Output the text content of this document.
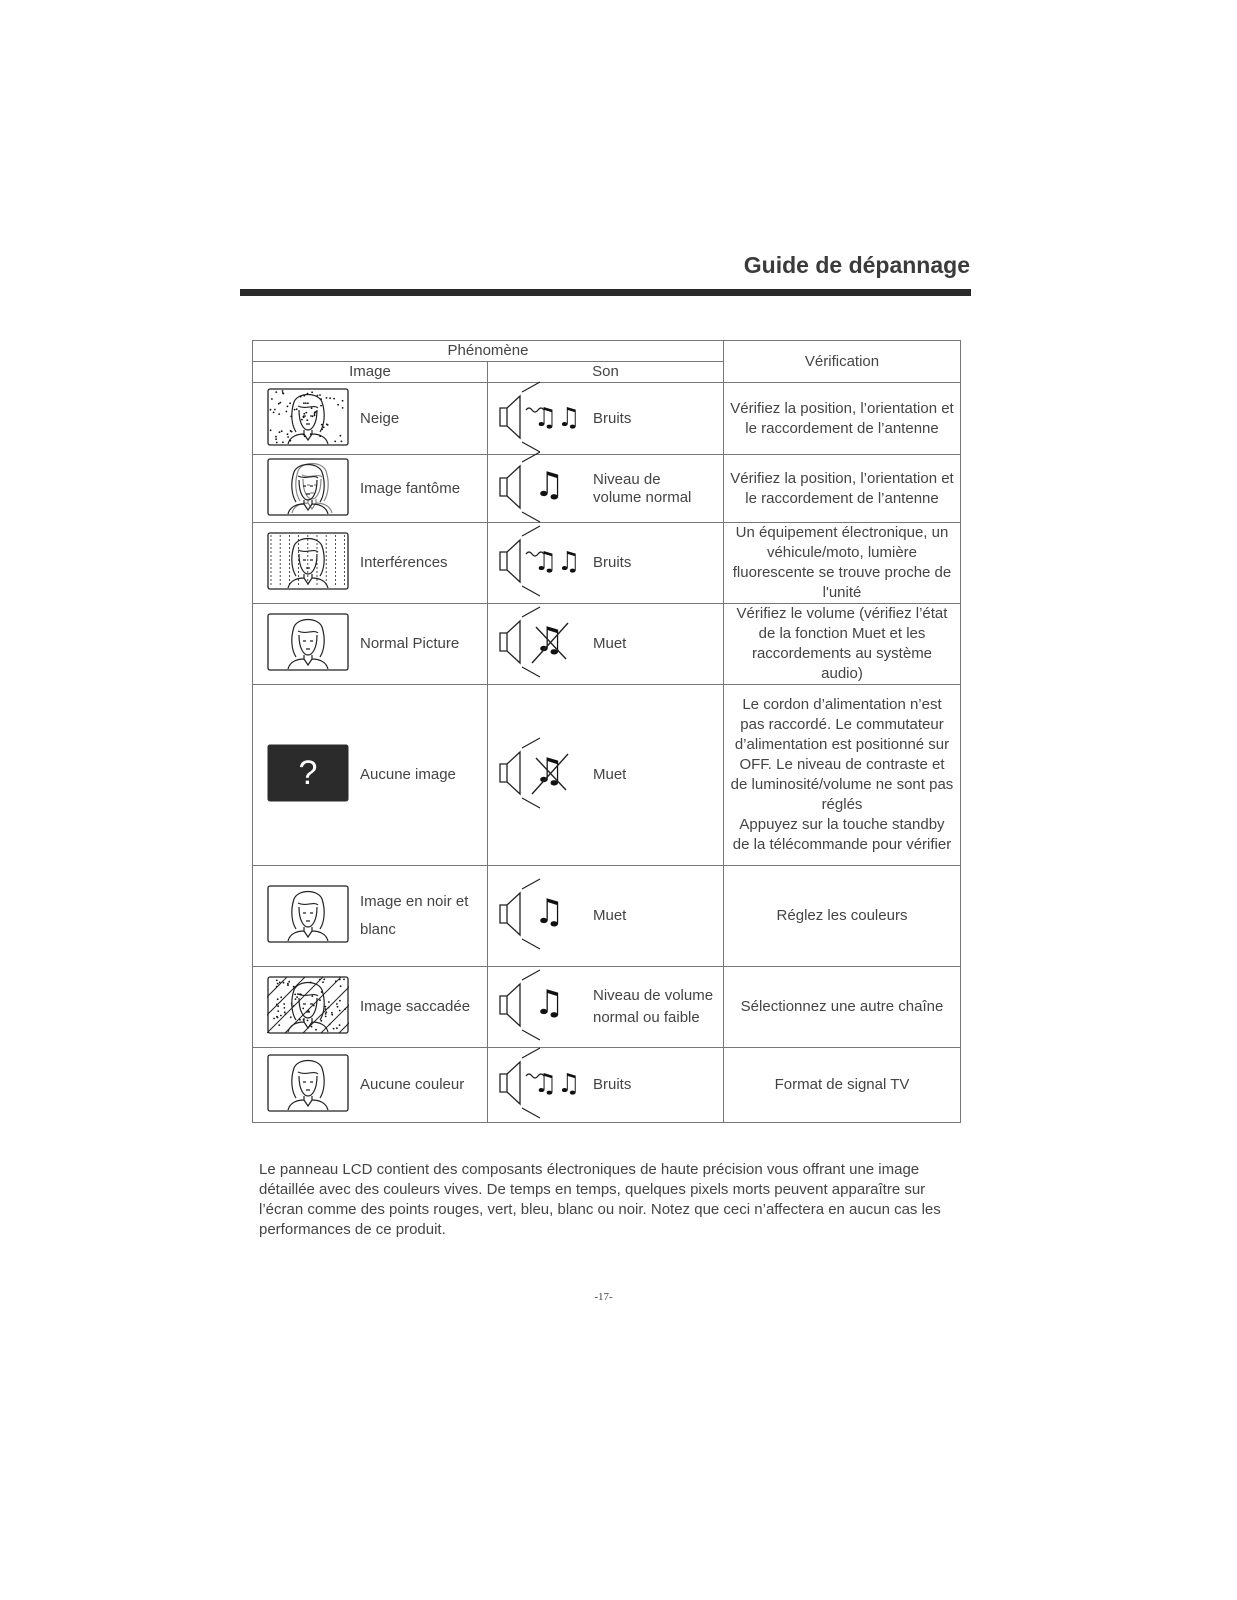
Guide de dépannage
Phénomène		Vérification
Image	Son	

Neige	♫♫ Bruits	Vérifiez la position, l’orientation et le raccordement de l’antenne

Image fantôme	♫ Niveau de volume normal	Vérifiez la position, l’orientation et le raccordement de l’antenne

Interférences	♫♫ Bruits	Un équipement électronique, un véhicule/moto, lumière fluorescente se trouve proche de l'unité

Normal Picture	♫ Muet	Vérifiez le volume (vérifiez l’état de la fonction Muet et les raccordements au système audio)

? Aucune image	♫ Muet	Le cordon d’alimentation n’est pas raccordé. Le commutateur d’alimentation est positionné sur OFF. Le niveau de contraste et de luminosité/volume ne sont pas réglés
Appuyez sur la touche standby de la télécommande pour vérifier

Image en noir et blanc	♫ Muet	Réglez les couleurs

Image saccadée	♫ Niveau de volume normal ou faible	Sélectionnez une autre chaîne

Aucune couleur	♫♫ Bruits	Format de signal TV
Le panneau LCD contient des composants électroniques de haute précision vous offrant une image détaillée avec des couleurs vives. De temps en temps, quelques pixels morts peuvent apparaître sur l’écran comme des points rouges, vert, bleu, blanc ou noir. Notez que ceci n’affectera en aucun cas les performances de ce produit.
-17-
